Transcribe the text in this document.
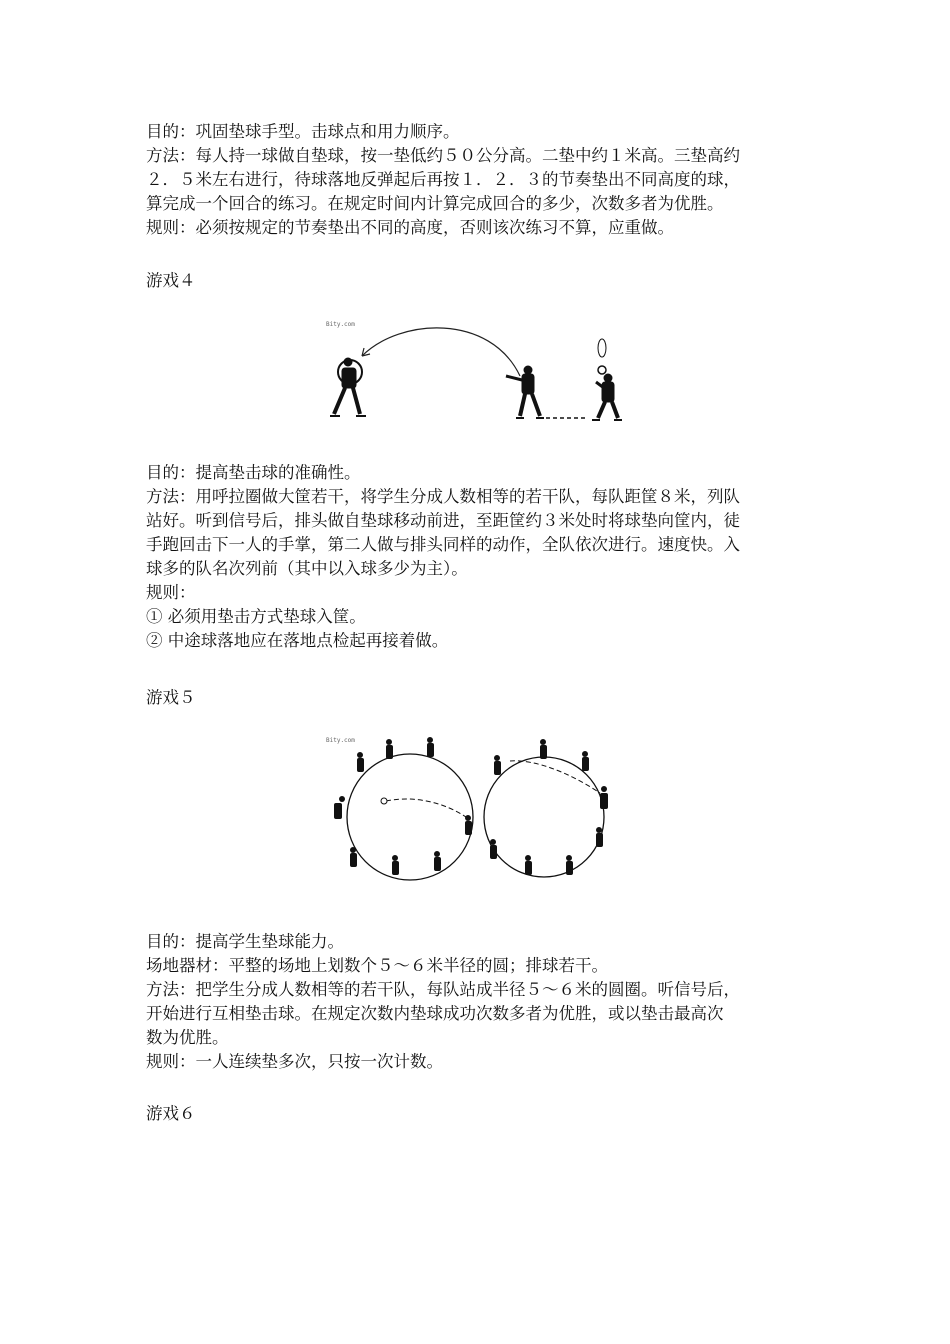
目的：巩固垫球手型。击球点和用力顺序。
方法：每人持一球做自垫球，按一垫低约５０公分高。二垫中约１米高。三垫高约
２．５米左右进行，待球落地反弹起后再按１．２．３的节奏垫出不同高度的球，
算完成一个回合的练习。在规定时间内计算完成回合的多少，次数多者为优胜。
规则：必须按规定的节奏垫出不同的高度，否则该次练习不算，应重做。
游戏４
Bity.com
目的：提高垫击球的准确性。
方法：用呼拉圈做大筐若干，将学生分成人数相等的若干队，每队距筐８米，列队
站好。听到信号后，排头做自垫球移动前进，至距筐约３米处时将球垫向筐内，徒
手跑回击下一人的手掌，第二人做与排头同样的动作，全队依次进行。速度快。入
球多的队名次列前（其中以入球多少为主）。
规则：
① 必须用垫击方式垫球入筐。
② 中途球落地应在落地点检起再接着做。
游戏５
Bity.com
目的：提高学生垫球能力。
场地器材：平整的场地上划数个５～６米半径的圆；排球若干。
方法：把学生分成人数相等的若干队，每队站成半径５～６米的圆圈。听信号后，
开始进行互相垫击球。在规定次数内垫球成功次数多者为优胜，或以垫击最高次
数为优胜。
规则：一人连续垫多次，只按一次计数。
游戏６
